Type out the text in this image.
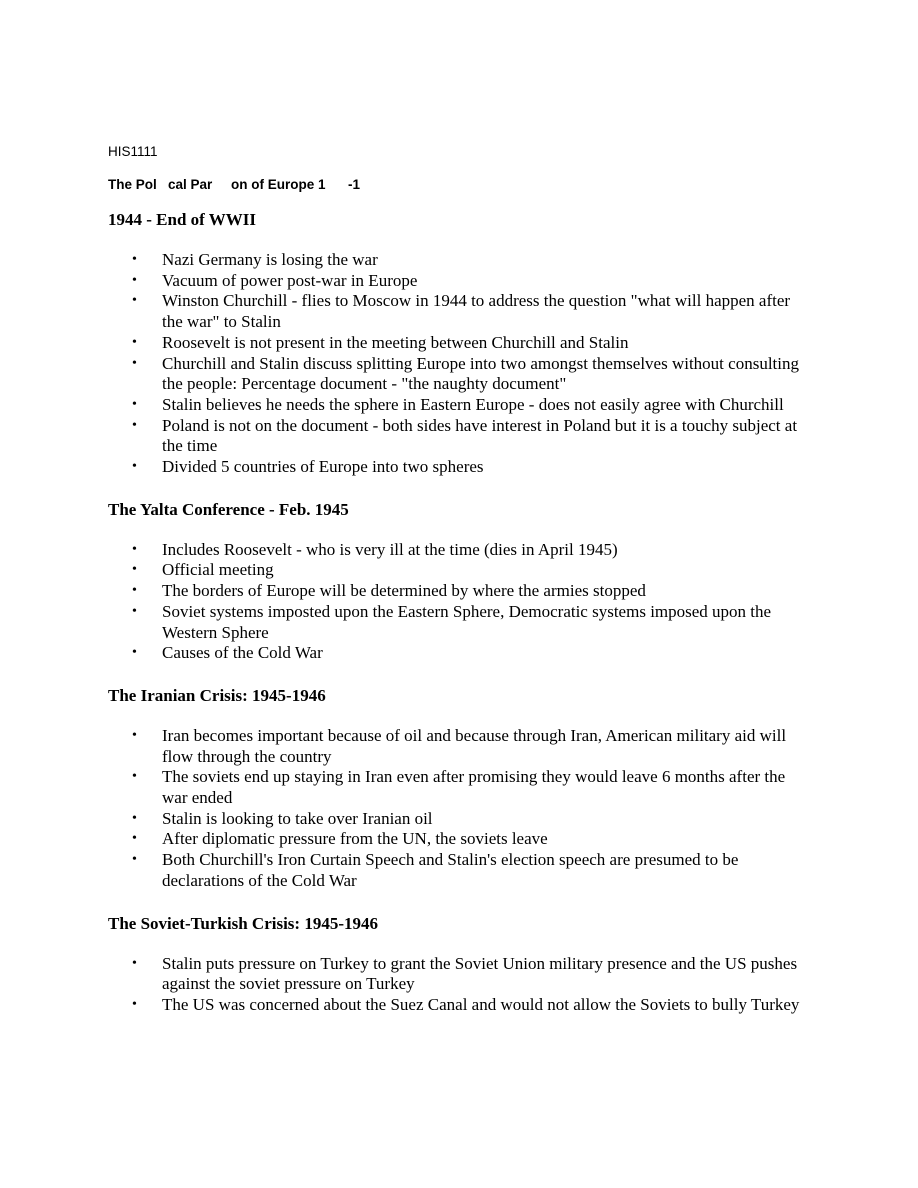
HIS1111

The Pol   cal Par     on of Europe 1      -1

1944 - End of WWII
• Nazi Germany is losing the war
• Vacuum of power post-war in Europe
• Winston Churchill - flies to Moscow in 1944 to address the question "what will happen after the war" to Stalin
• Roosevelt is not present in the meeting between Churchill and Stalin
• Churchill and Stalin discuss splitting Europe into two amongst themselves without consulting the people: Percentage document - "the naughty document"
• Stalin believes he needs the sphere in Eastern Europe - does not easily agree with Churchill
• Poland is not on the document - both sides have interest in Poland but it is a touchy subject at the time
• Divided 5 countries of Europe into two spheres
The Yalta Conference - Feb. 1945
• Includes Roosevelt - who is very ill at the time (dies in April 1945)
• Official meeting
• The borders of Europe will be determined by where the armies stopped
• Soviet systems imposted upon the Eastern Sphere, Democratic systems imposed upon the Western Sphere
• Causes of the Cold War
The Iranian Crisis: 1945-1946
• Iran becomes important because of oil and because through Iran, American military aid will flow through the country
• The soviets end up staying in Iran even after promising they would leave 6 months after the war ended
• Stalin is looking to take over Iranian oil
• After diplomatic pressure from the UN, the soviets leave
• Both Churchill's Iron Curtain Speech and Stalin's election speech are presumed to be declarations of the Cold War
The Soviet-Turkish Crisis: 1945-1946
• Stalin puts pressure on Turkey to grant the Soviet Union military presence and the US pushes against the soviet pressure on Turkey
• The US was concerned about the Suez Canal and would not allow the Soviets to bully Turkey
